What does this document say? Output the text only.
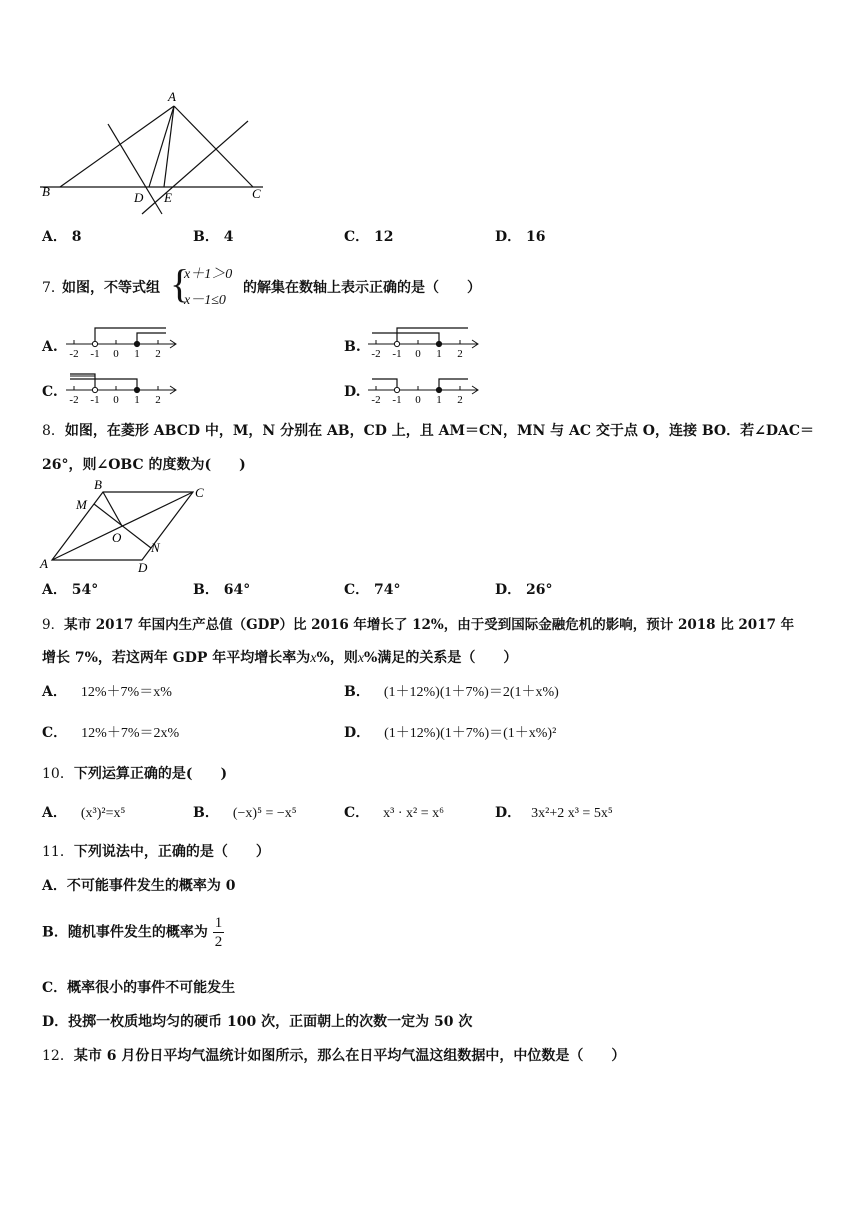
A
B	D E	C
A． 8	B． 4	C． 12	D． 16
7．
如图，不等式组 {
x＋1＞0
x－1≤0
的解集在数轴上表示正确的是（　　）
A.	B.
C.	D.
-2 -1 0 1 2	-2 -1 0 1 2
-2 -1 0 1 2	-2 -1 0 1 2
8．如图，在菱形 ABCD 中，M，N 分别在 AB，CD 上，且 AM＝CN，MN 与 AC 交于点 O，连接 BO．若∠DAC＝
26°，则∠OBC 的度数为(　　)
B
C
M
O
N
A	D
A． 54°	B． 64°	C． 74°	D． 26°
9．某市 2017 年国内生产总值（GDP）比 2016 年增长了 12%，由于受到国际金融危机的影响，预计 2018 比 2017 年
增长 7%，若这两年 GDP 年平均增长率为x%，则x%满足的关系是（　　）
A． 12%＋7%＝x%	B． (1＋12%)(1＋7%)＝2(1＋x%)
C． 12%＋7%＝2x%	D． (1＋12%)(1＋7%)＝(1＋x%)²
10．下列运算正确的是(　　)
A． (x³)²=x⁵	B． (−x)⁵ = −x⁵	C． x³ · x² = x⁶	D． 3x²+2 x³ = 5x⁵
11．下列说法中，正确的是（　　）
A．不可能事件发生的概率为 0
B．随机事件发生的概率为 $\frac{1}{2}$
C．概率很小的事件不可能发生
D．投掷一枚质地均匀的硬币 100 次，正面朝上的次数一定为 50 次
12．某市 6 月份日平均气温统计如图所示，那么在日平均气温这组数据中，中位数是（　　）
